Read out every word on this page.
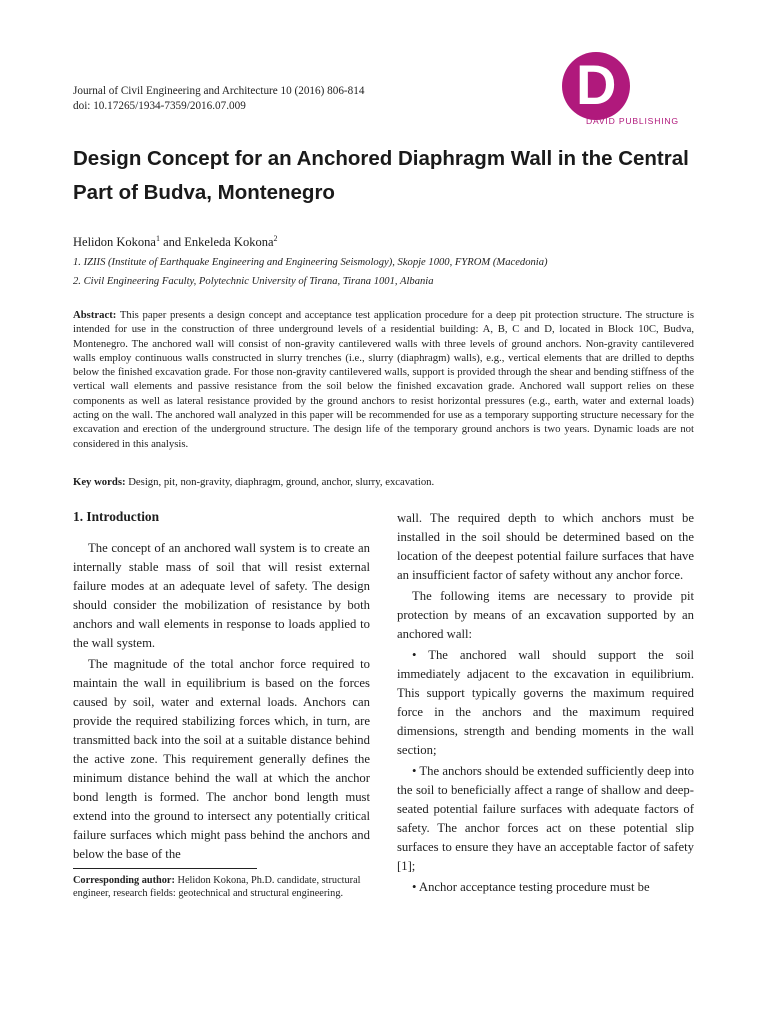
Journal of Civil Engineering and Architecture 10 (2016) 806-814
doi: 10.17265/1934-7359/2016.07.009	D
DAVID PUBLISHING
Design Concept for an Anchored Diaphragm Wall in the Central Part of Budva, Montenegro
Helidon Kokona$^1$ and Enkeleda Kokona$^2$
1. IZIIS (Institute of Earthquake Engineering and Engineering Seismology), Skopje 1000, FYROM (Macedonia)
2. Civil Engineering Faculty, Polytechnic University of Tirana, Tirana 1001, Albania
Abstract: This paper presents a design concept and acceptance test application procedure for a deep pit protection structure. The structure is intended for use in the construction of three underground levels of a residential building: A, B, C and D, located in Block 10C, Budva, Montenegro. The anchored wall will consist of non-gravity cantilevered walls with three levels of ground anchors. Non-gravity cantilevered walls employ continuous walls constructed in slurry trenches (i.e., slurry (diaphragm) walls), e.g., vertical elements that are drilled to depths below the finished excavation grade. For those non-gravity cantilevered walls, support is provided through the shear and bending stiffness of the vertical wall elements and passive resistance from the soil below the finished excavation grade. Anchored wall support relies on these components as well as lateral resistance provided by the ground anchors to resist horizontal pressures (e.g., earth, water and external loads) acting on the wall. The anchored wall analyzed in this paper will be recommended for use as a temporary supporting structure necessary for the excavation and erection of the underground structure. The design life of the temporary ground anchors is two years. Dynamic loads are not considered in this analysis.
Key words: Design, pit, non-gravity, diaphragm, ground, anchor, slurry, excavation.
1. Introduction

The concept of an anchored wall system is to create an internally stable mass of soil that will resist external failure modes at an adequate level of safety. The design should consider the mobilization of resistance by both anchors and wall elements in response to loads applied to the wall system.

The magnitude of the total anchor force required to maintain the wall in equilibrium is based on the forces caused by soil, water and external loads. Anchors can provide the required stabilizing forces which, in turn, are transmitted back into the soil at a suitable distance behind the active zone. This requirement generally defines the minimum distance behind the wall at which the anchor bond length is formed. The anchor bond length must extend into the ground to intersect any potentially critical failure surfaces which might pass behind the anchors and below the base of the

wall. The required depth to which anchors must be installed in the soil should be determined based on the location of the deepest potential failure surfaces that have an insufficient factor of safety without any anchor force.

The following items are necessary to provide pit protection by means of an excavation supported by an anchored wall:

• The anchored wall should support the soil immediately adjacent to the excavation in equilibrium. This support typically governs the maximum required force in the anchors and the maximum required dimensions, strength and bending moments in the wall section;

• The anchors should be extended sufficiently deep into the soil to beneficially affect a range of shallow and deep-seated potential failure surfaces with adequate factors of safety. The anchor forces act on these potential slip surfaces to ensure they have an acceptable factor of safety [1];

• Anchor acceptance testing procedure must be

Corresponding author: Helidon Kokona, Ph.D. candidate, structural engineer, research fields: geotechnical and structural engineering.
